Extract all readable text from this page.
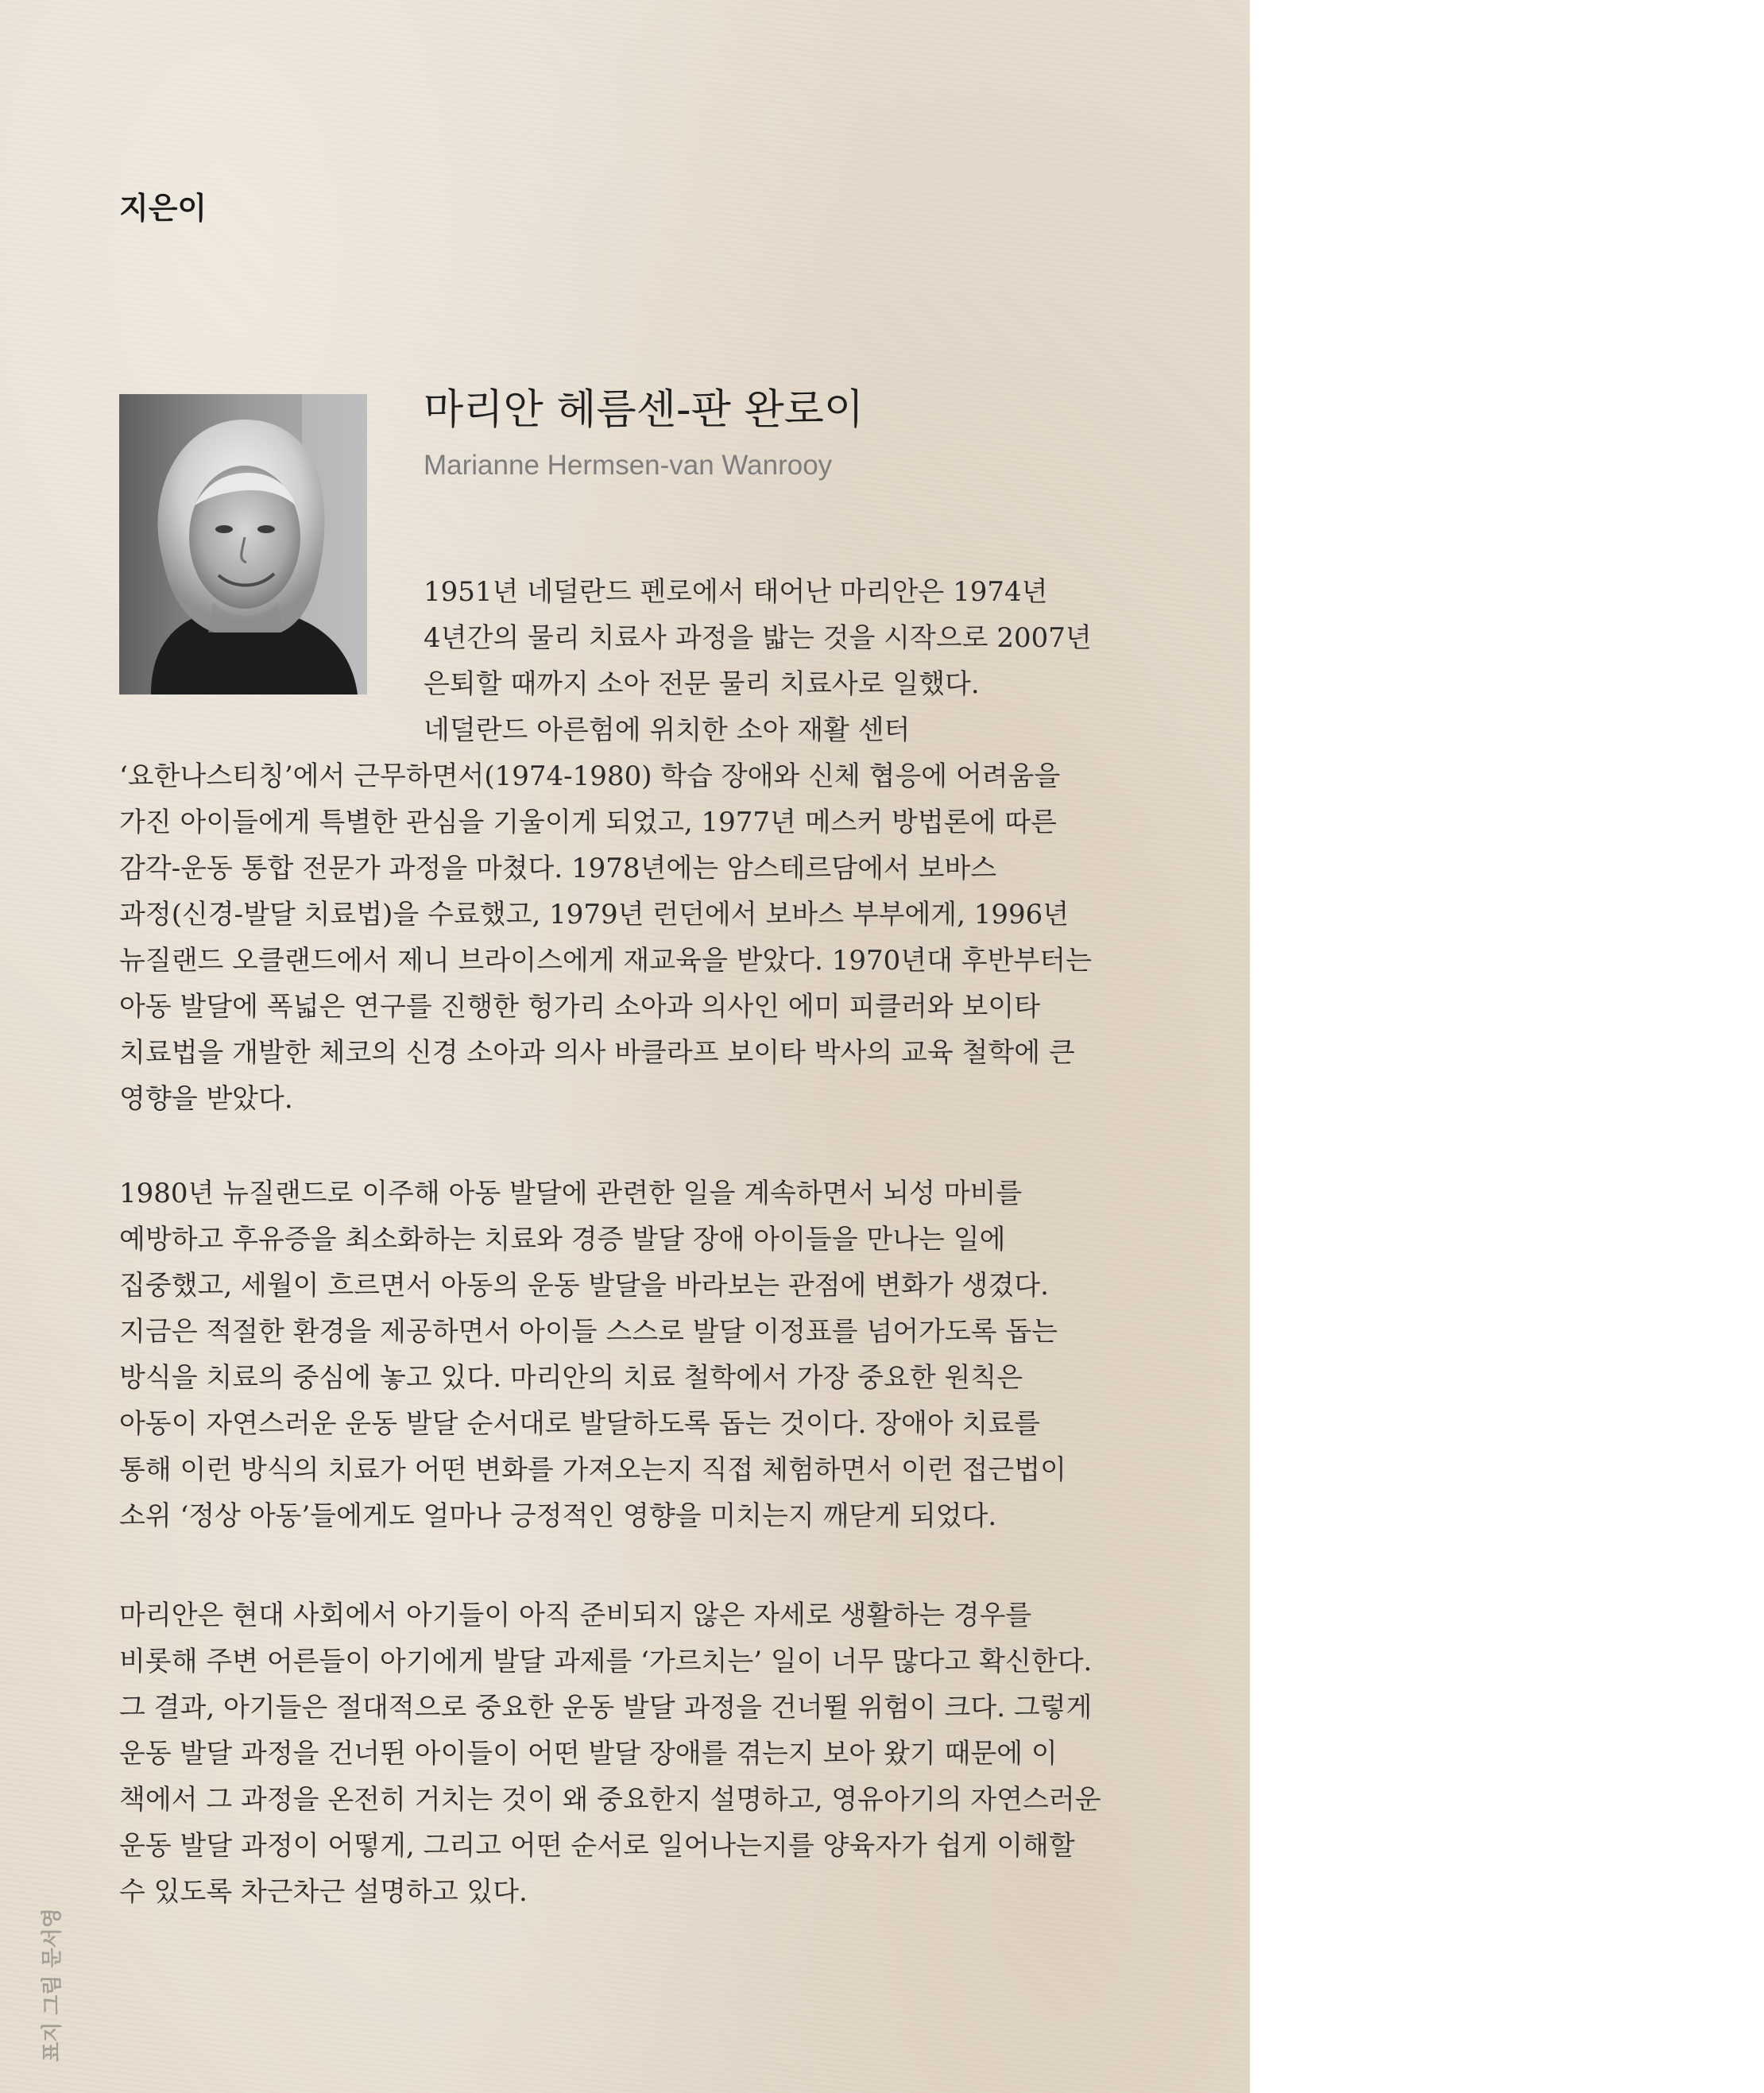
지은이
마리안 헤름센-판 완로이

Marianne Hermsen-van Wanrooy

1951년 네덜란드 펜로에서 태어난 마리안은 1974년
4년간의 물리 치료사 과정을 밟는 것을 시작으로 2007년
은퇴할 때까지 소아 전문 물리 치료사로 일했다.
네덜란드 아른험에 위치한 소아 재활 센터
‘요한나스티칭’에서 근무하면서(1974-1980) 학습 장애와 신체 협응에 어려움을
가진 아이들에게 특별한 관심을 기울이게 되었고, 1977년 메스커 방법론에 따른
감각-운동 통합 전문가 과정을 마쳤다. 1978년에는 암스테르담에서 보바스
과정(신경-발달 치료법)을 수료했고, 1979년 런던에서 보바스 부부에게, 1996년
뉴질랜드 오클랜드에서 제니 브라이스에게 재교육을 받았다. 1970년대 후반부터는
아동 발달에 폭넓은 연구를 진행한 헝가리 소아과 의사인 에미 피클러와 보이타
치료법을 개발한 체코의 신경 소아과 의사 바클라프 보이타 박사의 교육 철학에 큰
영향을 받았다.

1980년 뉴질랜드로 이주해 아동 발달에 관련한 일을 계속하면서 뇌성 마비를
예방하고 후유증을 최소화하는 치료와 경증 발달 장애 아이들을 만나는 일에
집중했고, 세월이 흐르면서 아동의 운동 발달을 바라보는 관점에 변화가 생겼다.
지금은 적절한 환경을 제공하면서 아이들 스스로 발달 이정표를 넘어가도록 돕는
방식을 치료의 중심에 놓고 있다. 마리안의 치료 철학에서 가장 중요한 원칙은
아동이 자연스러운 운동 발달 순서대로 발달하도록 돕는 것이다. 장애아 치료를
통해 이런 방식의 치료가 어떤 변화를 가져오는지 직접 체험하면서 이런 접근법이
소위 ‘정상 아동’들에게도 얼마나 긍정적인 영향을 미치는지 깨닫게 되었다.

마리안은 현대 사회에서 아기들이 아직 준비되지 않은 자세로 생활하는 경우를
비롯해 주변 어른들이 아기에게 발달 과제를 ‘가르치는’ 일이 너무 많다고 확신한다.
그 결과, 아기들은 절대적으로 중요한 운동 발달 과정을 건너뛸 위험이 크다. 그렇게
운동 발달 과정을 건너뛴 아이들이 어떤 발달 장애를 겪는지 보아 왔기 때문에 이
책에서 그 과정을 온전히 거치는 것이 왜 중요한지 설명하고, 영유아기의 자연스러운
운동 발달 과정이 어떻게, 그리고 어떤 순서로 일어나는지를 양육자가 쉽게 이해할
수 있도록 차근차근 설명하고 있다.

표지 그림 문서영
